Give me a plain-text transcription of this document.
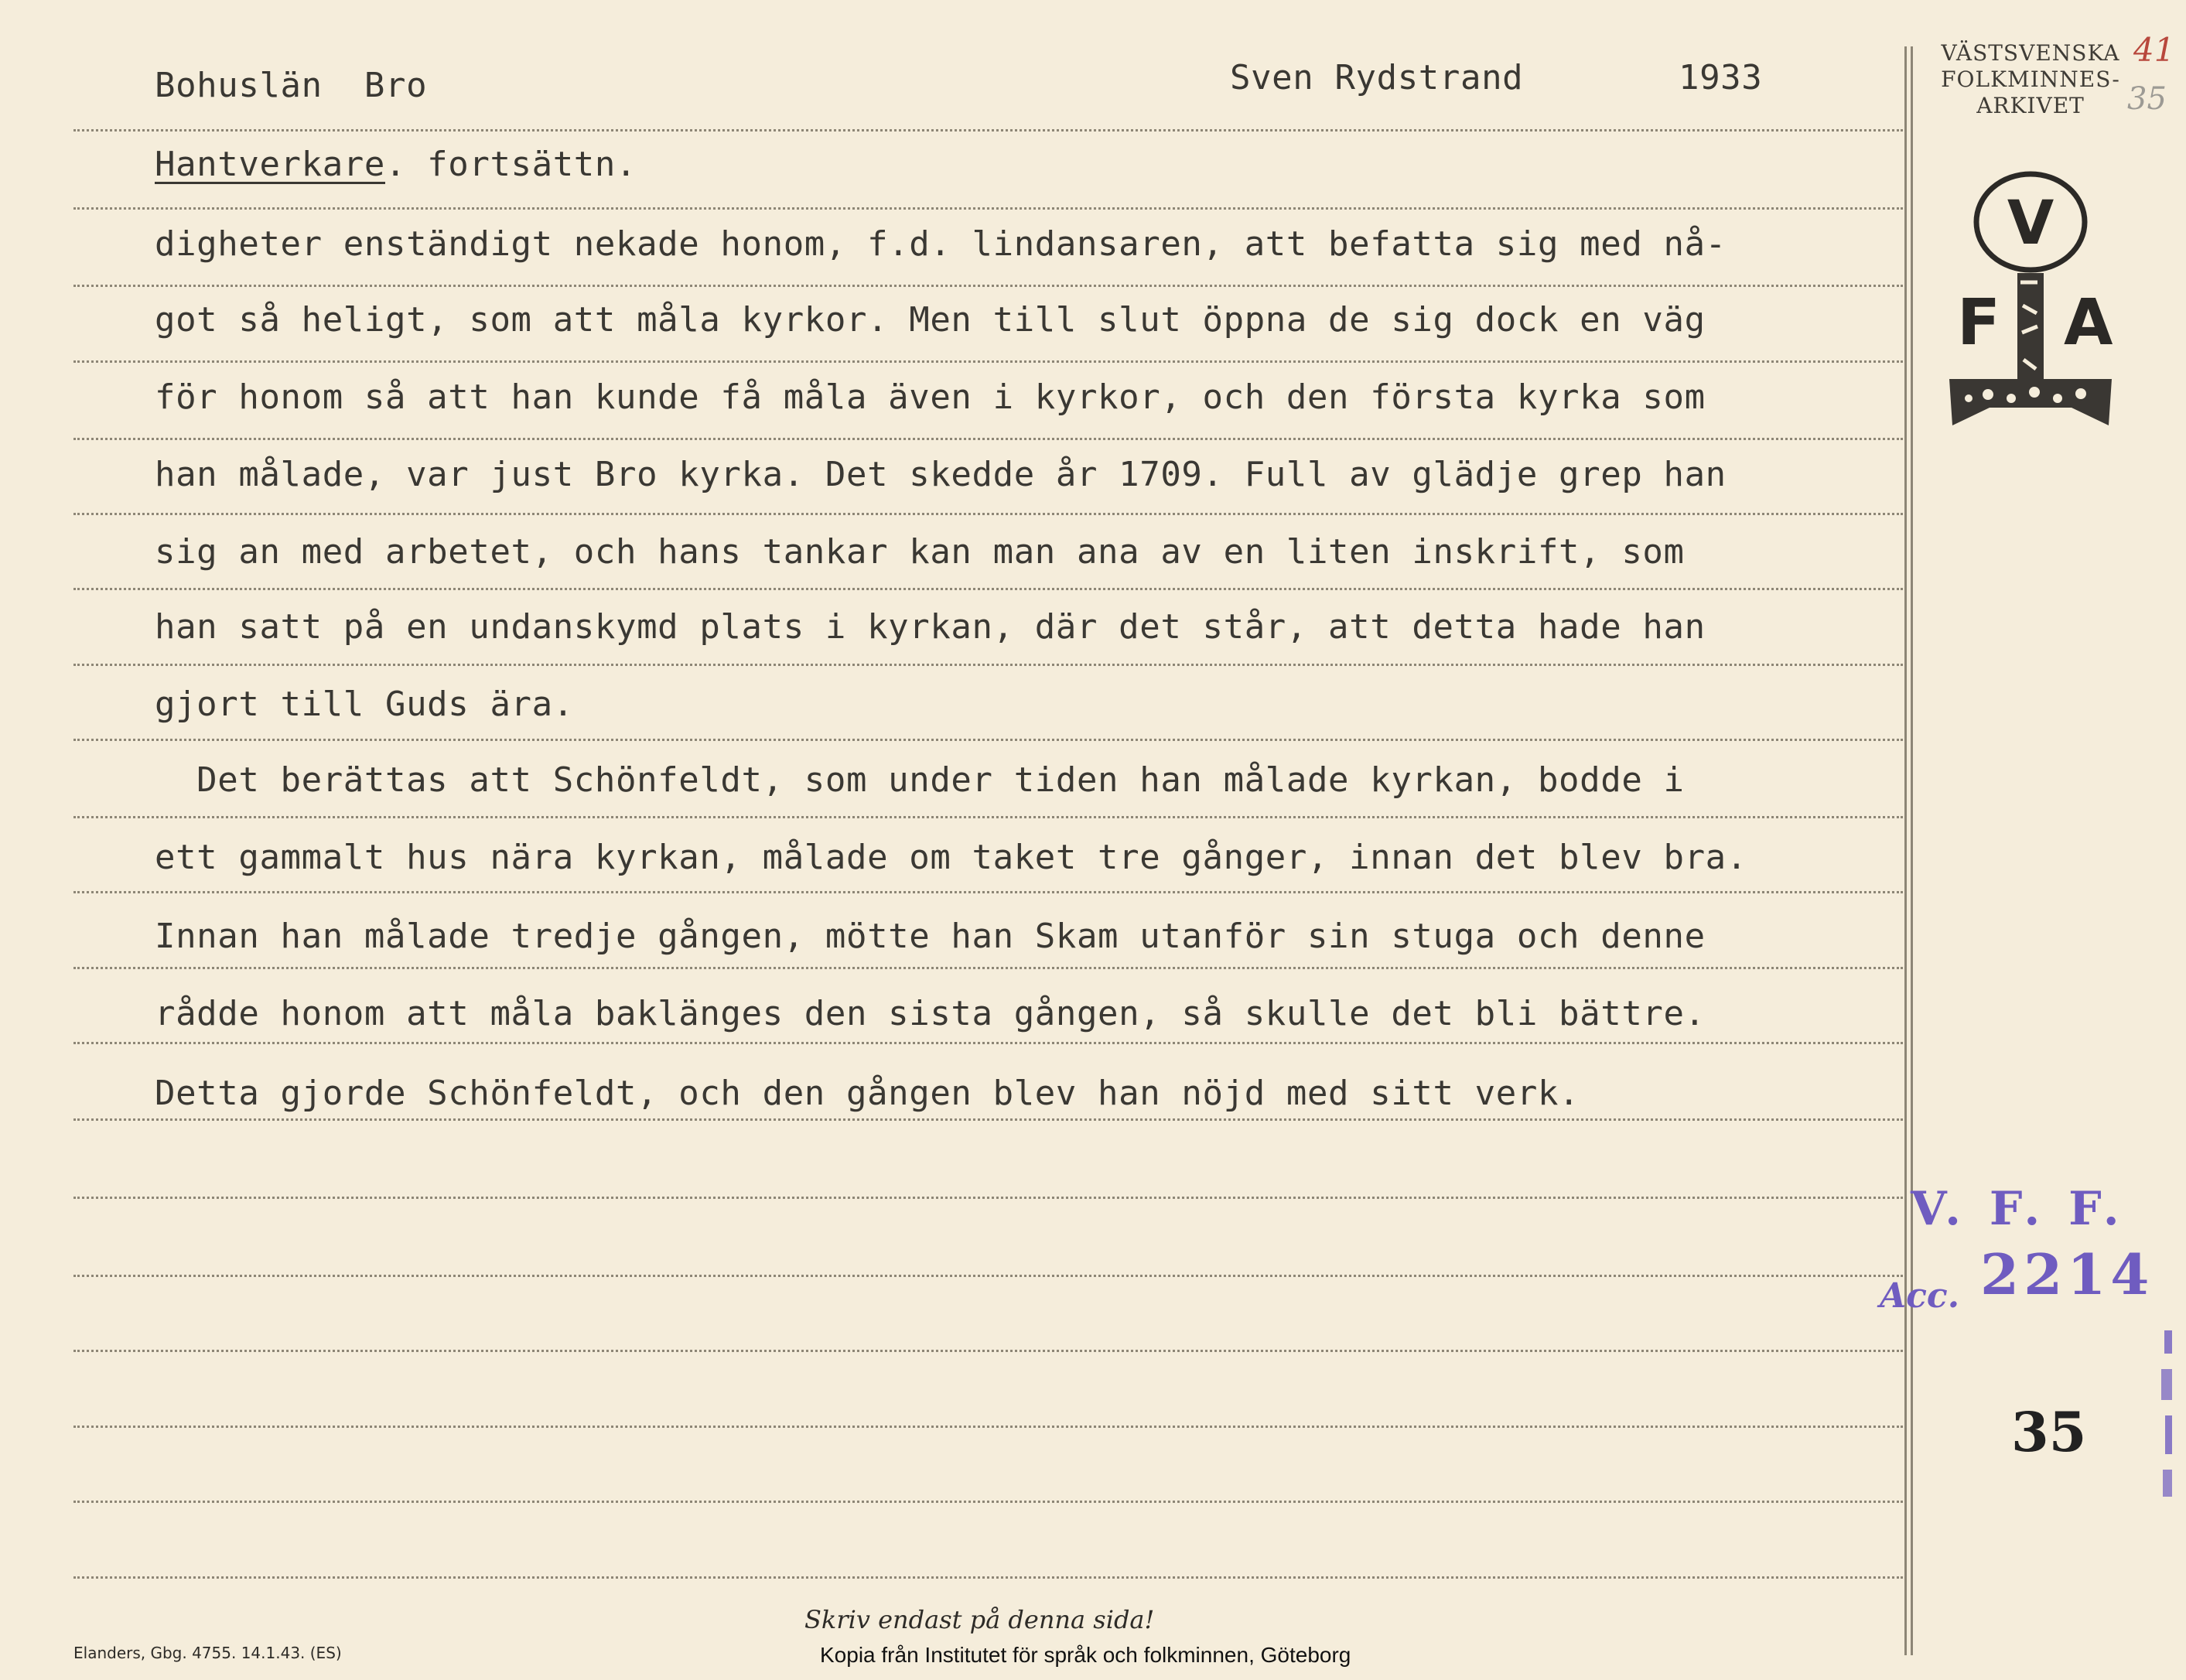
Bohuslän  Bro	Sven Rydstrand	1933
Hantverkare. fortsättn.
digheter enständigt nekade honom, f.d. lindansaren, att befatta sig med nå-
got så heligt, som att måla kyrkor. Men till slut öppna de sig dock en väg
för honom så att han kunde få måla även i kyrkor, och den första kyrka som
han målade, var just Bro kyrka. Det skedde år 1709. Full av glädje grep han
sig an med arbetet, och hans tankar kan man ana av en liten inskrift, som
han satt på en undanskymd plats i kyrkan, där det står, att detta hade han
gjort till Guds ära.
Det berättas att Schönfeldt, som under tiden han målade kyrkan, bodde i
ett gammalt hus nära kyrkan, målade om taket tre gånger, innan det blev bra.
Innan han målade tredje gången, mötte han Skam utanför sin stuga och denne
rådde honom att måla baklänges den sista gången, så skulle det bli bättre.
Detta gjorde Schönfeldt, och den gången blev han nöjd med sitt verk.
VÄSTSVENSKA
FOLKMINNES-
ARKIVET
41
35
V
F A
V. F. F.
Acc. 2214
35
Skriv endast på denna sida!
Elanders, Gbg. 4755. 14.1.43. (ES)	Kopia från Institutet för språk och folkminnen, Göteborg
